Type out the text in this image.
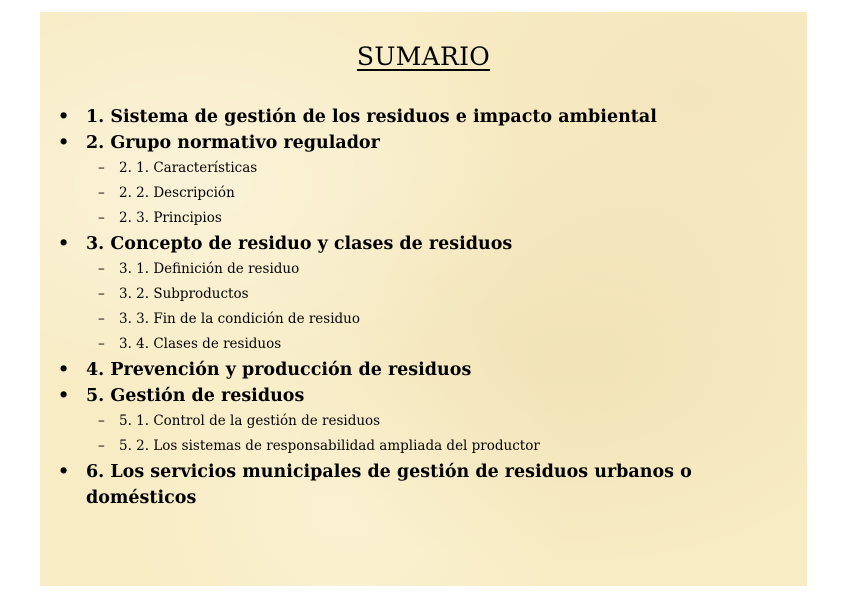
SUMARIO
• 1. Sistema de gestión de los residuos e impacto ambiental
• 2. Grupo normativo regulador
– 2. 1. Características
– 2. 2. Descripción
– 2. 3. Principios
• 3. Concepto de residuo y clases de residuos
– 3. 1. Definición de residuo
– 3. 2. Subproductos
– 3. 3. Fin de la condición de residuo
– 3. 4. Clases de residuos
• 4. Prevención y producción de residuos
• 5. Gestión de residuos
– 5. 1. Control de la gestión de residuos
– 5. 2. Los sistemas de responsabilidad ampliada del productor
• 6. Los servicios municipales de gestión de residuos urbanos o domésticos
